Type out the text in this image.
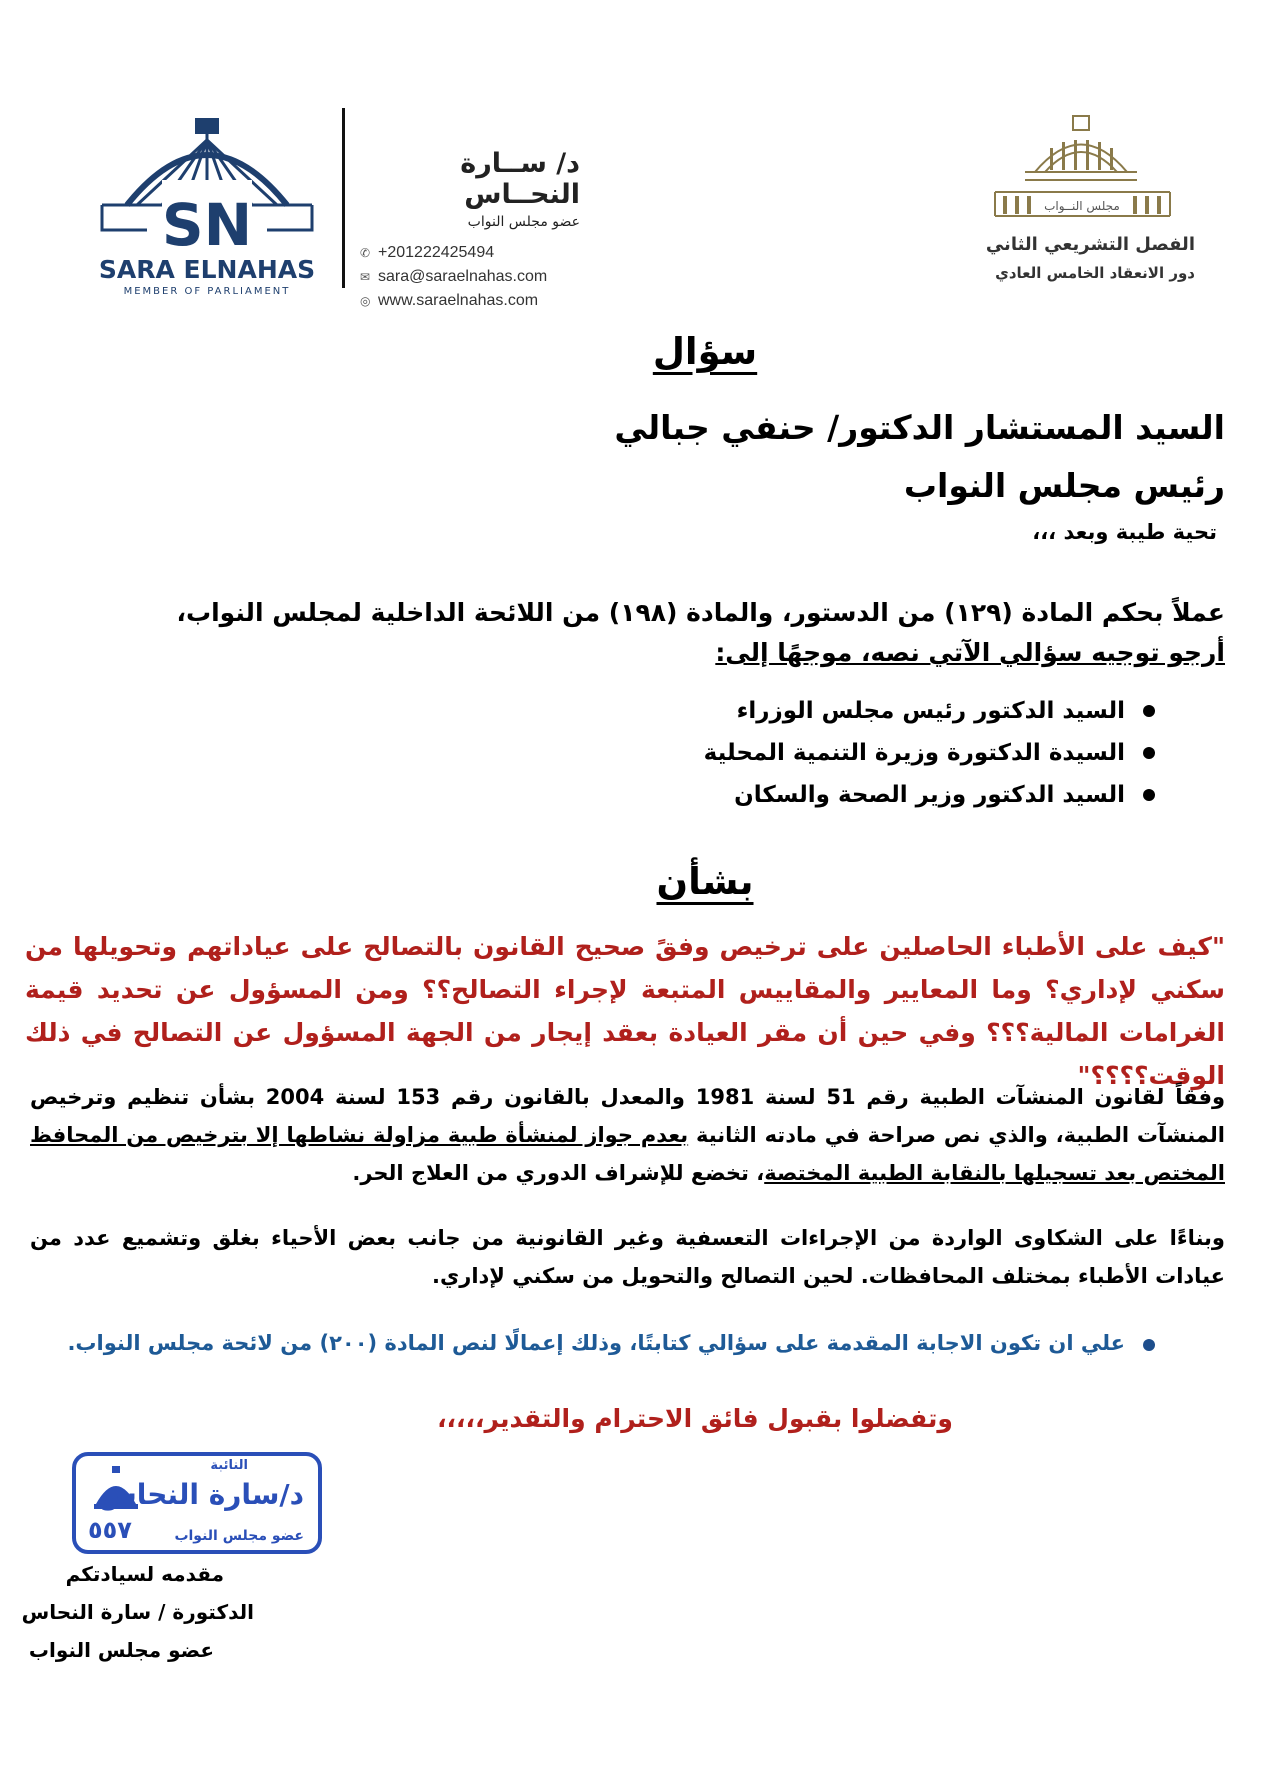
SN
SARA ELNAHAS
MEMBER OF PARLIAMENT
د/ ســارة النحــاس
عضو مجلس النواب
✆ +201222425494
✉ sara@saraelnahas.com
◎ www.saraelnahas.com
مجلس النــواب
الفصل التشريعي الثاني
دور الانعقاد الخامس العادي
سؤال
السيد المستشار الدكتور/ حنفي جبالي
رئيس مجلس النواب
تحية طيبة وبعد ،،،
عملاً بحكم المادة (١٢٩) من الدستور، والمادة (١٩٨) من اللائحة الداخلية لمجلس النواب،
أرجو توجيه سؤالي الآتي نصه، موجهًا إلى:
السيد الدكتور رئيس مجلس الوزراء
السيدة الدكتورة وزيرة التنمية المحلية
السيد الدكتور وزير الصحة والسكان
بشأن
"كيف على الأطباء الحاصلين على ترخيص وفقً صحيح القانون بالتصالح على عياداتهم وتحويلها من سكني لإداري؟ وما المعايير والمقاييس المتبعة لإجراء التصالح؟؟ ومن المسؤول عن تحديد قيمة الغرامات المالية؟؟؟ وفي حين أن مقر العيادة بعقد إيجار من الجهة المسؤول عن التصالح في ذلك الوقت؟؟؟؟"
وفقاً لقانون المنشآت الطبية رقم 51 لسنة 1981 والمعدل بالقانون رقم 153 لسنة 2004 بشأن تنظيم وترخيص المنشآت الطبية، والذي نص صراحة في مادته الثانية بعدم جواز لمنشأة طبية مزاولة نشاطها إلا بترخيص من المحافظ المختص بعد تسجيلها بالنقابة الطبية المختصة، تخضع للإشراف الدوري من العلاج الحر.
وبناءًا على الشكاوى الواردة من الإجراءات التعسفية وغير القانونية من جانب بعض الأحياء بغلق وتشميع عدد من عيادات الأطباء بمختلف المحافظات. لحين التصالح والتحويل من سكني لإداري.
علي ان تكون الاجابة المقدمة على سؤالي كتابتًا، وذلك إعمالًا لنص المادة (٢٠٠) من لائحة مجلس النواب.
وتفضلوا بقبول فائق الاحترام والتقدير،،،،،
النائبة
د/سارة النحاس
عضو مجلس النواب
٥٥٧
مقدمه لسيادتكم
الدكتورة / سارة النحاس
عضو مجلس النواب
